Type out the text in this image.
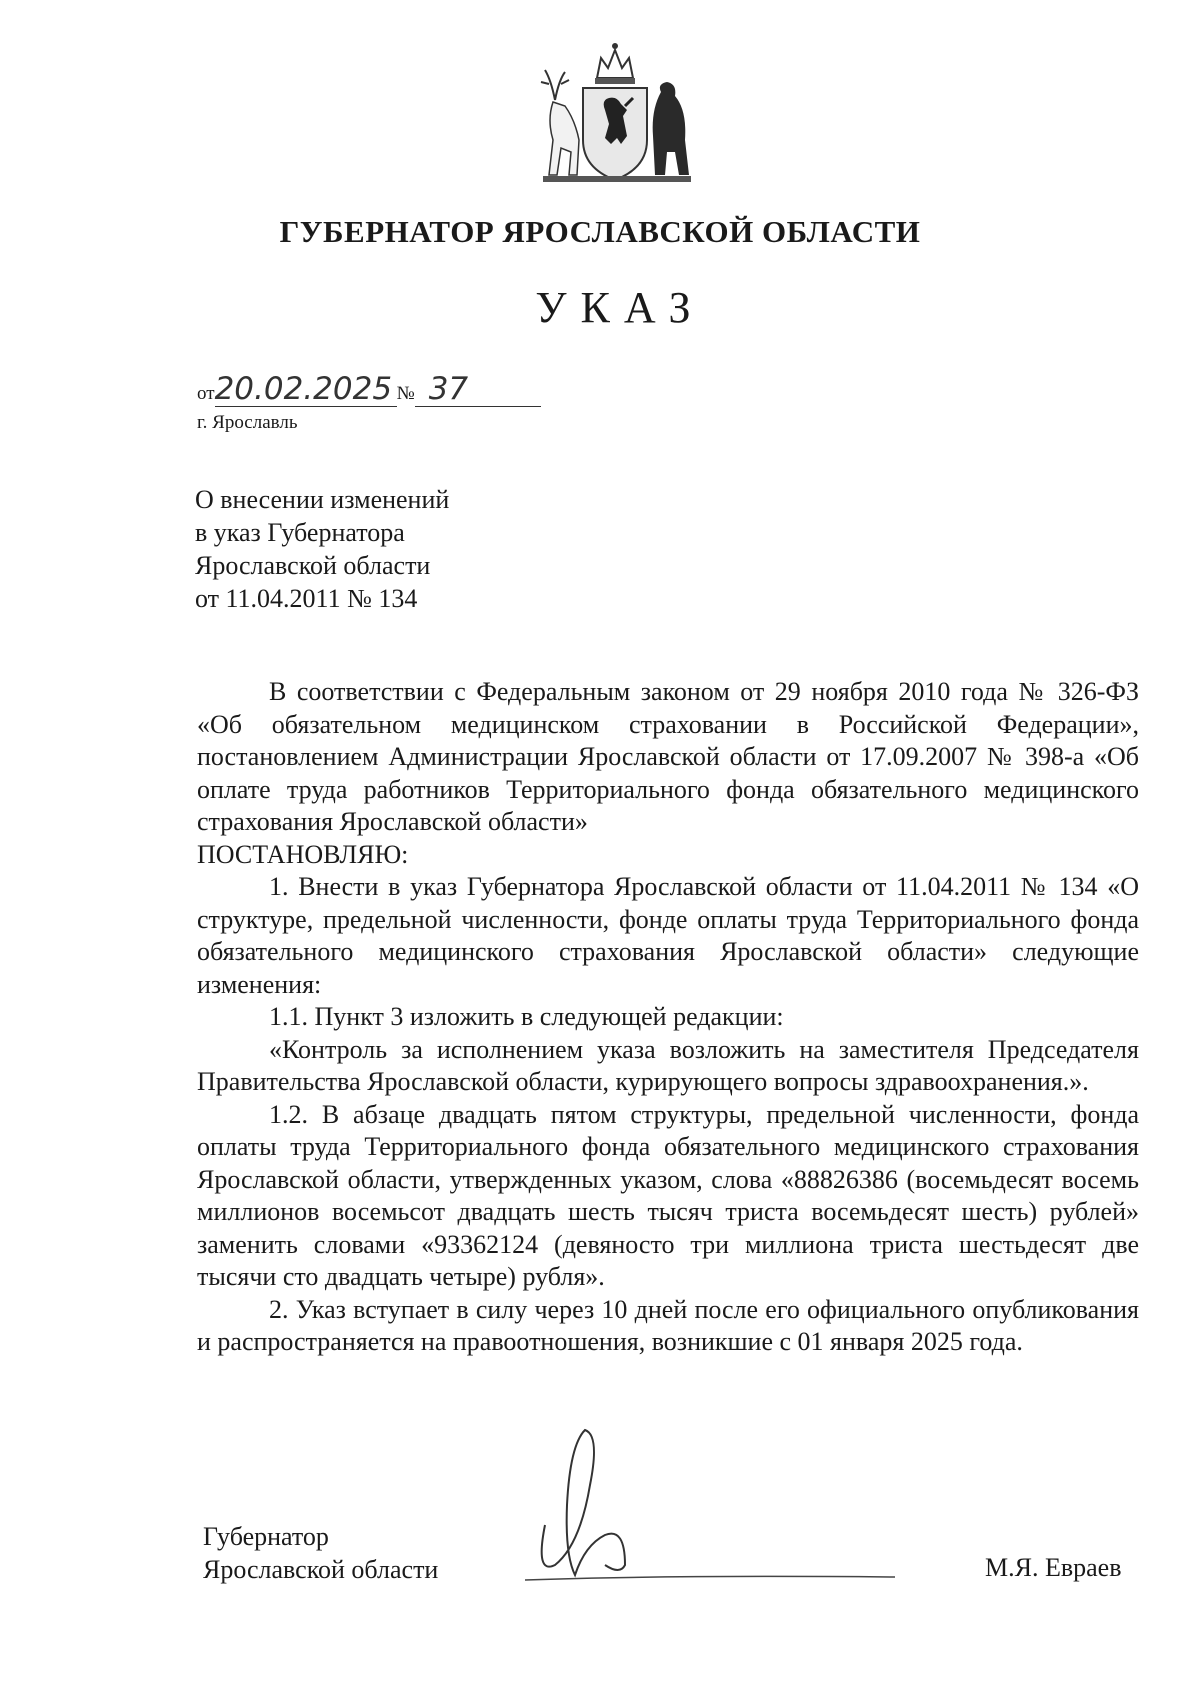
ГУБЕРНАТОР ЯРОСЛАВСКОЙ ОБЛАСТИ
УКАЗ
от20.02.2025 № 37
г. Ярославль
О внесении изменений
в указ Губернатора
Ярославской области
от 11.04.2011 № 134

В соответствии с Федеральным законом от 29 ноября 2010 года № 326-ФЗ «Об обязательном медицинском страховании в Российской Федерации», постановлением Администрации Ярославской области от 17.09.2007 № 398-а «Об оплате труда работников Территориального фонда обязательного медицинского страхования Ярославской области»

ПОСТАНОВЛЯЮ:

1. Внести в указ Губернатора Ярославской области от 11.04.2011 № 134 «О структуре, предельной численности, фонде оплаты труда Территориального фонда обязательного медицинского страхования Ярославской области» следующие изменения:

1.1. Пункт 3 изложить в следующей редакции:

«Контроль за исполнением указа возложить на заместителя Председателя Правительства Ярославской области, курирующего вопросы здравоохранения.».

1.2. В абзаце двадцать пятом структуры, предельной численности, фонда оплаты труда Территориального фонда обязательного медицинского страхования Ярославской области, утвержденных указом, слова «88826386 (восемьдесят восемь миллионов восемьсот двадцать шесть тысяч триста восемьдесят шесть) рублей» заменить словами «93362124 (девяносто три миллиона триста шестьдесят две тысячи сто двадцать четыре) рубля».

2. Указ вступает в силу через 10 дней после его официального опубликования и распространяется на правоотношения, возникшие с 01 января 2025 года.

Губернатор
Ярославской области	М.Я. Евраев
